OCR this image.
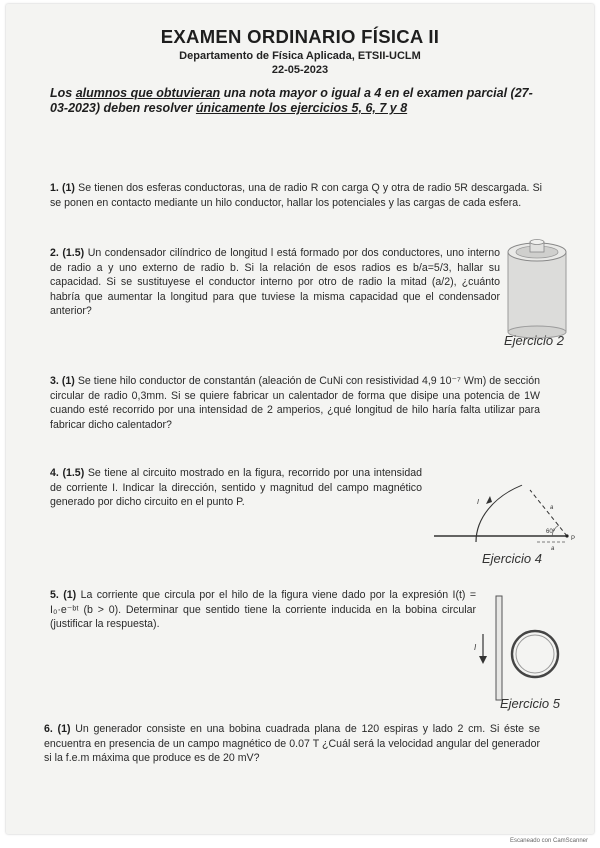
EXAMEN ORDINARIO FÍSICA II
Departamento de Física Aplicada, ETSII-UCLM
22-05-2023
Los alumnos que obtuvieran una nota mayor o igual a 4 en el examen parcial (27-03-2023) deben resolver únicamente los ejercicios 5, 6, 7 y 8
1. (1) Se tienen dos esferas conductoras, una de radio R con carga Q y otra de radio 5R descargada. Si se ponen en contacto mediante un hilo conductor, hallar los potenciales y las cargas de cada esfera.
2. (1.5) Un condensador cilíndrico de longitud l está formado por dos conductores, uno interno de radio a y uno externo de radio b. Si la relación de esos radios es b/a=5/3, hallar su capacidad. Si se sustituyese el conductor interno por otro de radio la mitad (a/2), ¿cuánto habría que aumentar la longitud para que tuviese la misma capacidad que el condensador anterior?
Ejercicio 2
3. (1) Se tiene hilo conductor de constantán (aleación de CuNi con resistividad 4,9 10⁻⁷ Wm) de sección circular de radio 0,3mm. Si se quiere fabricar un calentador de forma que disipe una potencia de 1W cuando esté recorrido por una intensidad de 2 amperios, ¿qué longitud de hilo haría falta utilizar para fabricar dicho calentador?
4. (1.5) Se tiene al circuito mostrado en la figura, recorrido por una intensidad de corriente I. Indicar la dirección, sentido y magnitud del campo magnético generado por dicho circuito en el punto P.
60º
P
a
a
I
Ejercicio 4
5. (1) La corriente que circula por el hilo de la figura viene dado por la expresión I(t) = I₀·e⁻ᵇᵗ (b > 0). Determinar que sentido tiene la corriente inducida en la bobina circular (justificar la respuesta).
I
Ejercicio 5
6. (1) Un generador consiste en una bobina cuadrada plana de 120 espiras y lado 2 cm. Si éste se encuentra en presencia de un campo magnético de 0.07 T ¿Cuál será la velocidad angular del generador si la f.e.m máxima que produce es de 20 mV?
Escaneado con CamScanner
